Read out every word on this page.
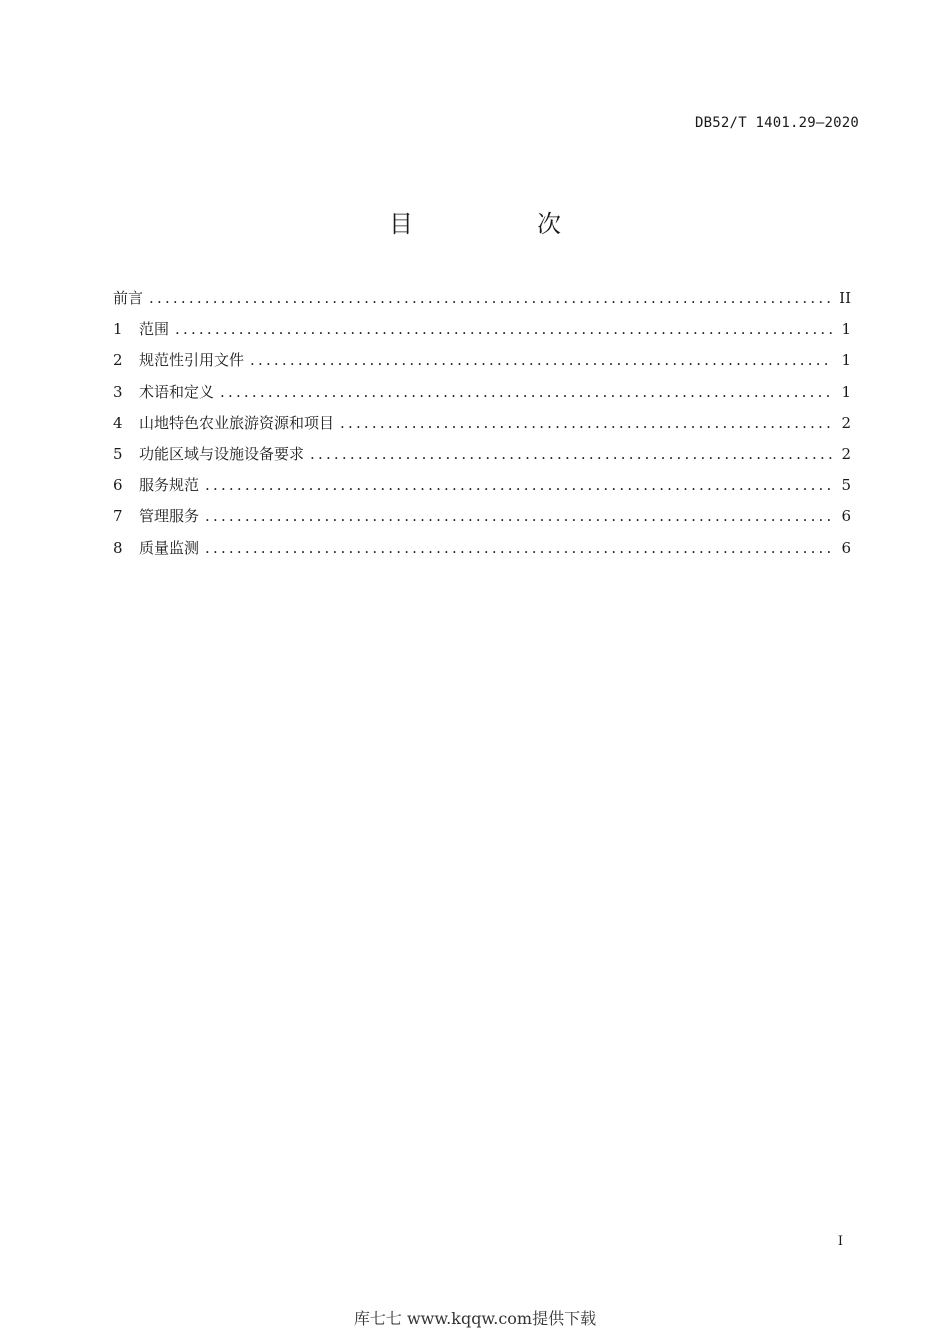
DB52/T 1401.29—2020
目　次
前言 .....	II
1	范围 .....	1
2	规范性引用文件 .....	1
3	术语和定义 .....	1
4	山地特色农业旅游资源和项目 .....	2
5	功能区域与设施设备要求 .....	2
6	服务规范 .....	5
7	管理服务 .....	6
8	质量监测 .....	6
I
库七七 www.kqqw.com提供下载
